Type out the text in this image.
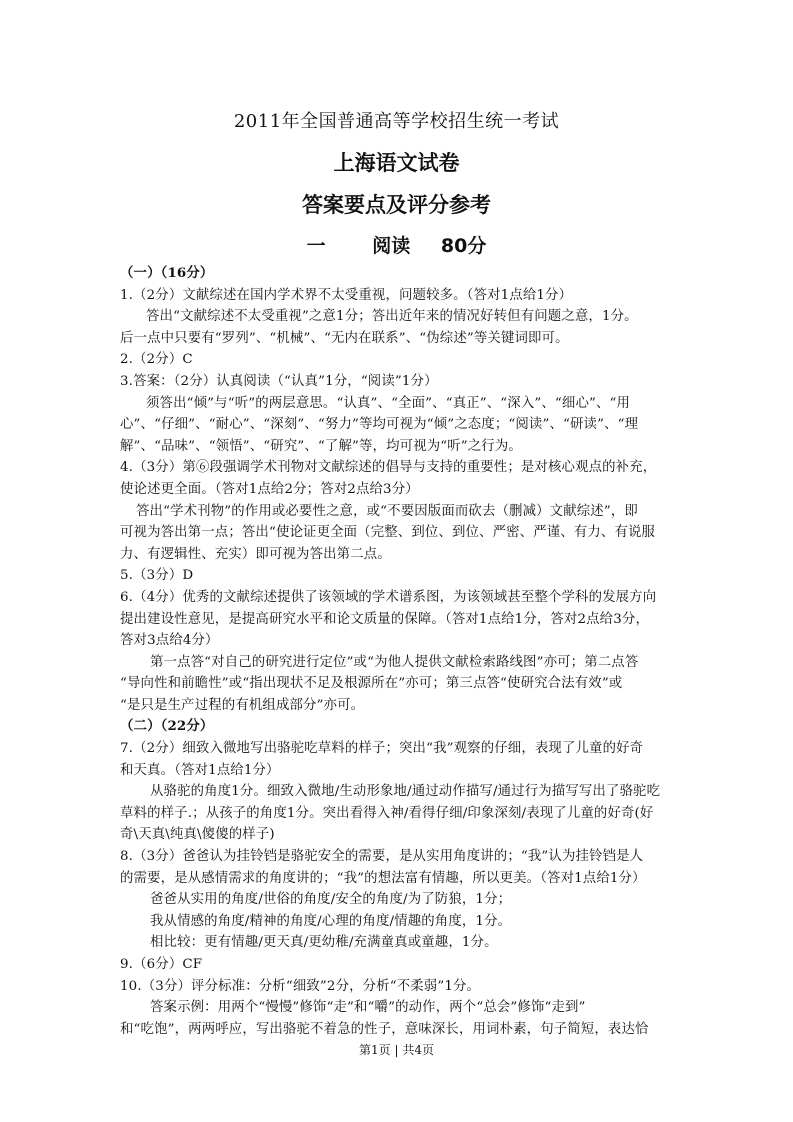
2011年全国普通高等学校招生统一考试
上海语文试卷
答案要点及评分参考
一 阅读 80分
（一）（16分）
1.（2分）文献综述在国内学术界不太受重视，问题较多。（答对1点给1分）
答出“文献综述不太受重视”之意1分；答出近年来的情况好转但有问题之意，1分。
后一点中只要有“罗列”、“机械”、“无内在联系”、“伪综述”等关键词即可。
2.（2分）C
3.答案：（2分）认真阅读（“认真”1分，“阅读”1分）
须答出“倾”与“听”的两层意思。“认真”、“全面”、“真正”、“深入”、“细心”、“用
心”、“仔细”、“耐心”、“深刻”、“努力”等均可视为“倾”之态度；“阅读”、“研读”、“理
解”、“品味”、“领悟”、“研究”、“了解”等，均可视为“听”之行为。
4.（3分）第⑥段强调学术刊物对文献综述的倡导与支持的重要性；是对核心观点的补充，
使论述更全面。（答对1点给2分；答对2点给3分）
答出“学术刊物”的作用或必要性之意，或“不要因版面而砍去（删减）文献综述”，即
可视为答出第一点；答出“使论证更全面（完整、到位、到位、严密、严谨、有力、有说服
力、有逻辑性、充实）即可视为答出第二点。
5.（3分）D
6.（4分）优秀的文献综述提供了该领域的学术谱系图，为该领域甚至整个学科的发展方向
提出建设性意见，是提高研究水平和论文质量的保障。（答对1点给1分，答对2点给3分，
答对3点给4分）
第一点答“对自己的研究进行定位”或“为他人提供文献检索路线图”亦可；第二点答
“导向性和前瞻性”或“指出现状不足及根源所在”亦可；第三点答“使研究合法有效”或
“是只是生产过程的有机组成部分”亦可。
（二）（22分）
7.（2分）细致入微地写出骆驼吃草料的样子；突出“我”观察的仔细，表现了儿童的好奇
和天真。（答对1点给1分）
从骆驼的角度1分。细致入微地/生动形象地/通过动作描写/通过行为描写写出了骆驼吃
草料的样子.；从孩子的角度1分。突出看得入神/看得仔细/印象深刻/表现了儿童的好奇(好
奇\天真\纯真\傻傻的样子)
8.（3分）爸爸认为挂铃铛是骆驼安全的需要，是从实用角度讲的；“我”认为挂铃铛是人
的需要，是从感情需求的角度讲的；“我”的想法富有情趣，所以更美。（答对1点给1分）
爸爸从实用的角度/世俗的角度/安全的角度/为了防狼，1分；
我从情感的角度/精神的角度/心理的角度/情趣的角度，1分。
相比较：更有情趣/更天真/更幼稚/充满童真或童趣，1分。
9.（6分）CF
10.（3分）评分标准：分析“细致”2分，分析“不柔弱”1分。
答案示例：用两个“慢慢”修饰“走”和“嚼”的动作，两个“总会”修饰“走到”
和“吃饱”，两两呼应，写出骆驼不着急的性子，意味深长，用词朴素，句子简短，表达恰
第1页 | 共4页
